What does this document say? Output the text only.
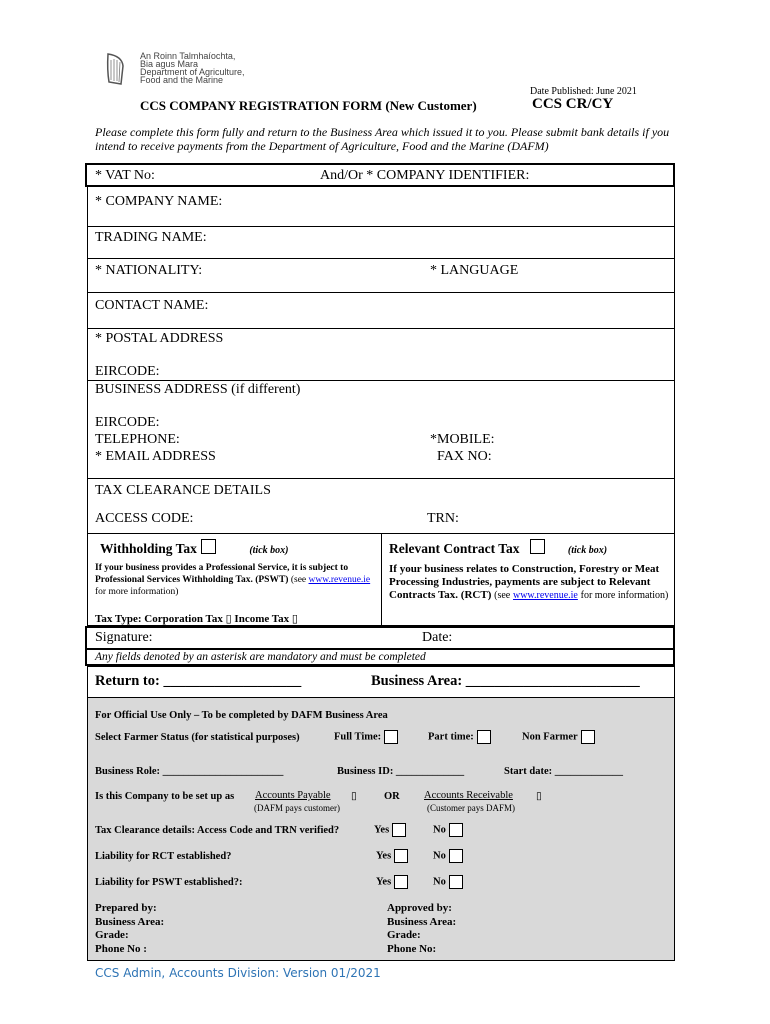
An Roinn Talmhaíochta,
Bia agus Mara
Department of Agriculture,
Food and the Marine
Date Published: June 2021
CCS COMPANY REGISTRATION FORM (New Customer)	CCS CR/CY
Please complete this form fully and return to the Business Area which issued it to you. Please submit bank details if you intend to receive payments from the Department of Agriculture, Food and the Marine (DAFM)
* VAT No:	And/Or * COMPANY IDENTIFIER:
* COMPANY NAME:
TRADING NAME:
* NATIONALITY:	* LANGUAGE
CONTACT NAME:
* POSTAL ADDRESS
EIRCODE:
BUSINESS ADDRESS (if different)
EIRCODE:
TELEPHONE:	*MOBILE:
* EMAIL ADDRESS	FAX NO:
TAX CLEARANCE DETAILS
ACCESS CODE:	TRN:
Withholding Tax	(tick box)
If your business provides a Professional Service, it is subject to Professional Services Withholding Tax. (PSWT) (see www.revenue.ie for more information)
Tax Type: Corporation Tax ▯ Income Tax ▯
Relevant Contract Tax	(tick box)
If your business relates to Construction, Forestry or Meat Processing Industries, payments are subject to Relevant Contracts Tax. (RCT) (see www.revenue.ie for more information)
Signature:	Date:
Any fields denoted by an asterisk are mandatory and must be completed
Return to: ___________________	Business Area: ________________________
For Official Use Only – To be completed by DAFM Business Area
Select Farmer Status (for statistical purposes)	Full Time:	Part time:	Non Farmer
Business Role: _______________________	Business ID: _____________	Start date: _____________
Is this Company to be set up as Accounts Payable ▯
(DAFM pays customer)
OR Accounts Receivable ▯
(Customer pays DAFM)
Tax Clearance details: Access Code and TRN verified?	Yes	No
Liability for RCT established?	Yes	No
Liability for PSWT established?:	Yes	No
Prepared by:
Business Area:
Grade:
Phone No :
Approved by:
Business Area:
Grade:
Phone No:
CCS Admin, Accounts Division: Version 01/2021
